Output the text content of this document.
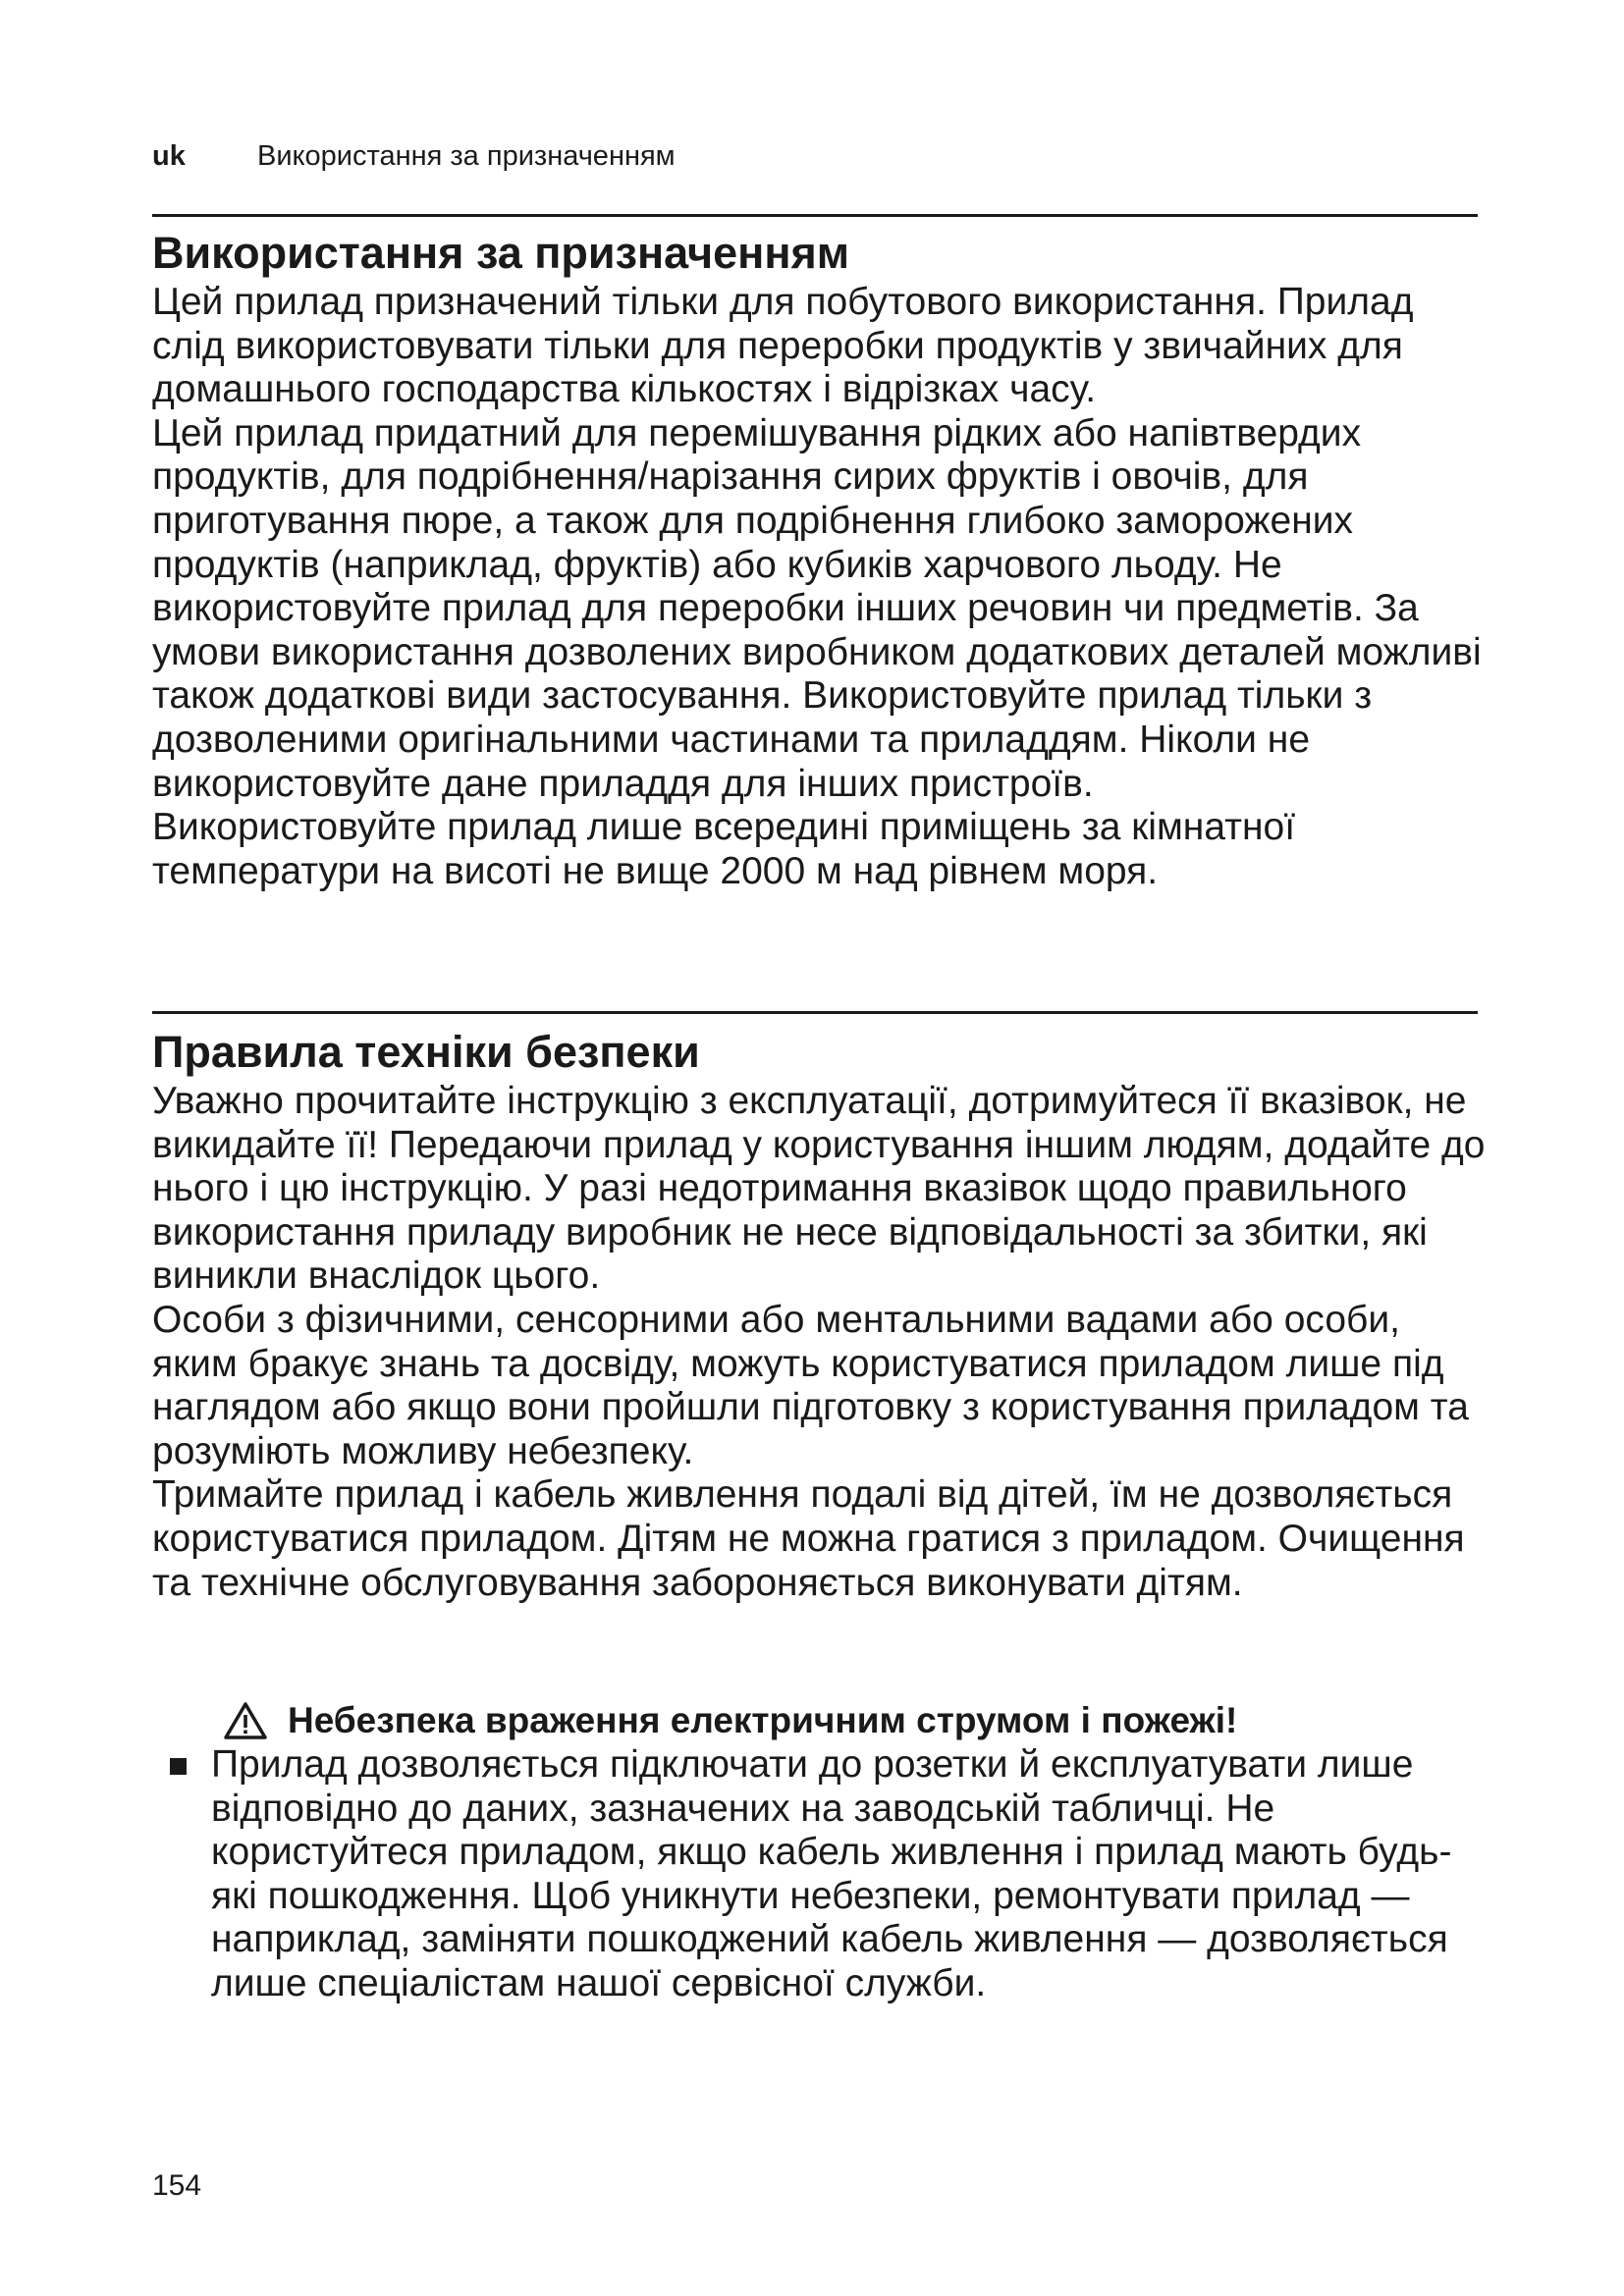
uk	Використання за призначенням
Використання за призначенням

Цей прилад призначений тільки для побутового використання. Прилад слід використовувати тільки для переробки продуктів у звичайних для домашнього господарства кількостях і відрізках часу.

Цей прилад придатний для перемішування рідких або напівтвердих продуктів, для подрібнення/нарізання сирих фруктів і овочів, для приготування пюре, а також для подрібнення глибоко заморожених продуктів (наприклад, фруктів) або кубиків харчового льоду. Не використовуйте прилад для переробки інших речовин чи предметів. За умови використання дозволених виробником додаткових деталей можливі також додаткові види застосування. Використовуйте прилад тільки з дозволеними оригінальними частинами та приладдям. Ніколи не використовуйте дане приладдя для інших пристроїв.

Використовуйте прилад лише всередині приміщень за кімнатної температури на висоті не вище 2000 м над рівнем моря.

Правила техніки безпеки

Уважно прочитайте інструкцію з експлуатації, дотримуйтеся її вказівок, не викидайте її! Передаючи прилад у користування іншим людям, додайте до нього і цю інструкцію. У разі недотримання вказівок щодо правильного використання приладу виробник не несе відповідальності за збитки, які виникли внаслідок цього.

Особи з фізичними, сенсорними або ментальними вадами або особи, яким бракує знань та досвіду, можуть користуватися приладом лише під наглядом або якщо вони пройшли підготовку з користування приладом та розуміють можливу небезпеку.

Тримайте прилад і кабель живлення подалі від дітей, їм не дозволяється користуватися приладом. Дітям не можна гратися з приладом. Очищення та технічне обслуговування забороняється виконувати дітям.

Небезпека враження електричним струмом і пожежі!
Прилад дозволяється підключати до розетки й експлуатувати лише відповідно до даних, зазначених на заводській табличці. Не користуйтеся приладом, якщо кабель живлення і прилад мають будь-які пошкодження. Щоб уникнути небезпеки, ремонтувати прилад — наприклад, заміняти пошкоджений кабель живлення — дозволяється лише спеціалістам нашої сервісної служби.
154
